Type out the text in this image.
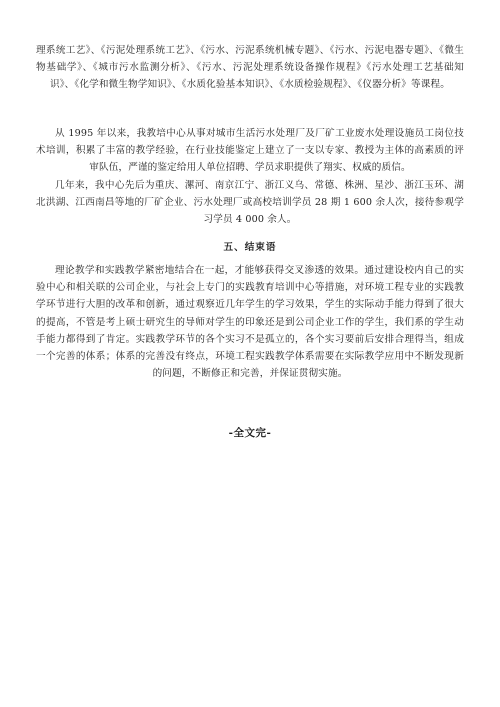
理系统工艺》、《污泥处理系统工艺》、《污水、污泥系统机械专题》、《污水、污泥电器专题》、《微生物基础学》、《城市污水监测分析》、《污水、污泥处理系统设备操作规程》《污水处理工艺基础知识》、《化学和微生物学知识》、《水质化验基本知识》、《水质检验规程》、《仪器分析》等课程。

从 1995 年以来，我教培中心从事对城市生活污水处理厂及厂矿工业废水处理设施员工岗位技术培训，积累了丰富的教学经验，在行业技能鉴定上建立了一支以专家、教授为主体的高素质的评审队伍，严谨的鉴定给用人单位招聘、学员求职提供了翔实、权威的质信。

几年来，我中心先后为重庆、漯河、南京江宁、浙江义乌、常德、株洲、星沙、浙江玉环、湖北洪湖、江西南昌等地的厂矿企业、污水处理厂或高校培训学员 28 期 1 600 余人次，接待参观学习学员 4 000 余人。

五、结束语

理论教学和实践教学紧密地结合在一起，才能够获得交叉渗透的效果。通过建设校内自己的实验中心和相关联的公司企业，与社会上专门的实践教育培训中心等措施，对环境工程专业的实践教学环节进行大胆的改革和创新，通过观察近几年学生的学习效果，学生的实际动手能力得到了很大的提高，不管是考上硕士研究生的导师对学生的印象还是到公司企业工作的学生，我们系的学生动手能力都得到了肯定。实践教学环节的各个实习不是孤立的，各个实习要前后安排合理得当，组成一个完善的体系；体系的完善没有终点，环境工程实践教学体系需要在实际教学应用中不断发现新的问题，不断修正和完善，并保证贯彻实施。

-全文完-
